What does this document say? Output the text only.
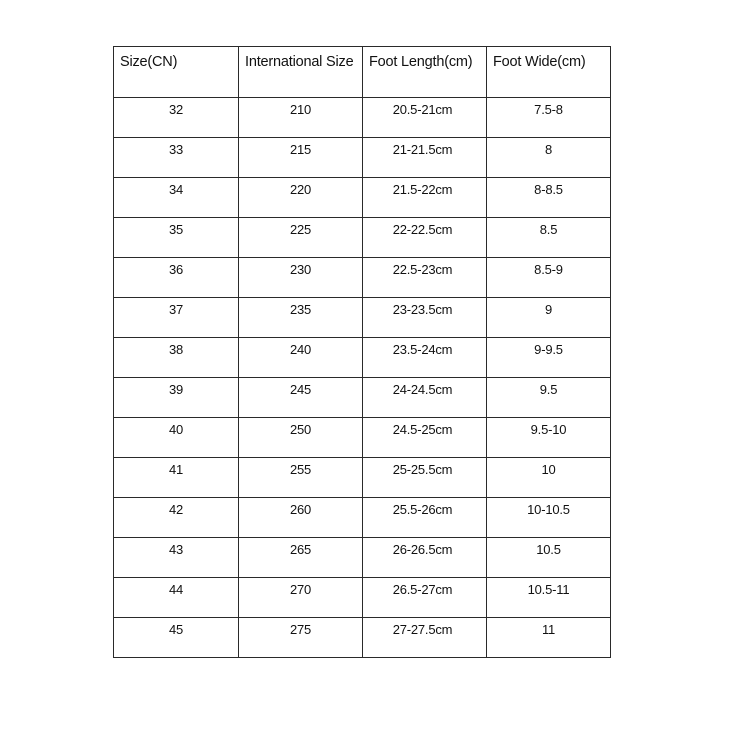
Size(CN)	International Size	Foot Length(cm)	Foot Wide(cm)
32	210	20.5-21cm	7.5-8
33	215	21-21.5cm	8
34	220	21.5-22cm	8-8.5
35	225	22-22.5cm	8.5
36	230	22.5-23cm	8.5-9
37	235	23-23.5cm	9
38	240	23.5-24cm	9-9.5
39	245	24-24.5cm	9.5
40	250	24.5-25cm	9.5-10
41	255	25-25.5cm	10
42	260	25.5-26cm	10-10.5
43	265	26-26.5cm	10.5
44	270	26.5-27cm	10.5-11
45	275	27-27.5cm	11
